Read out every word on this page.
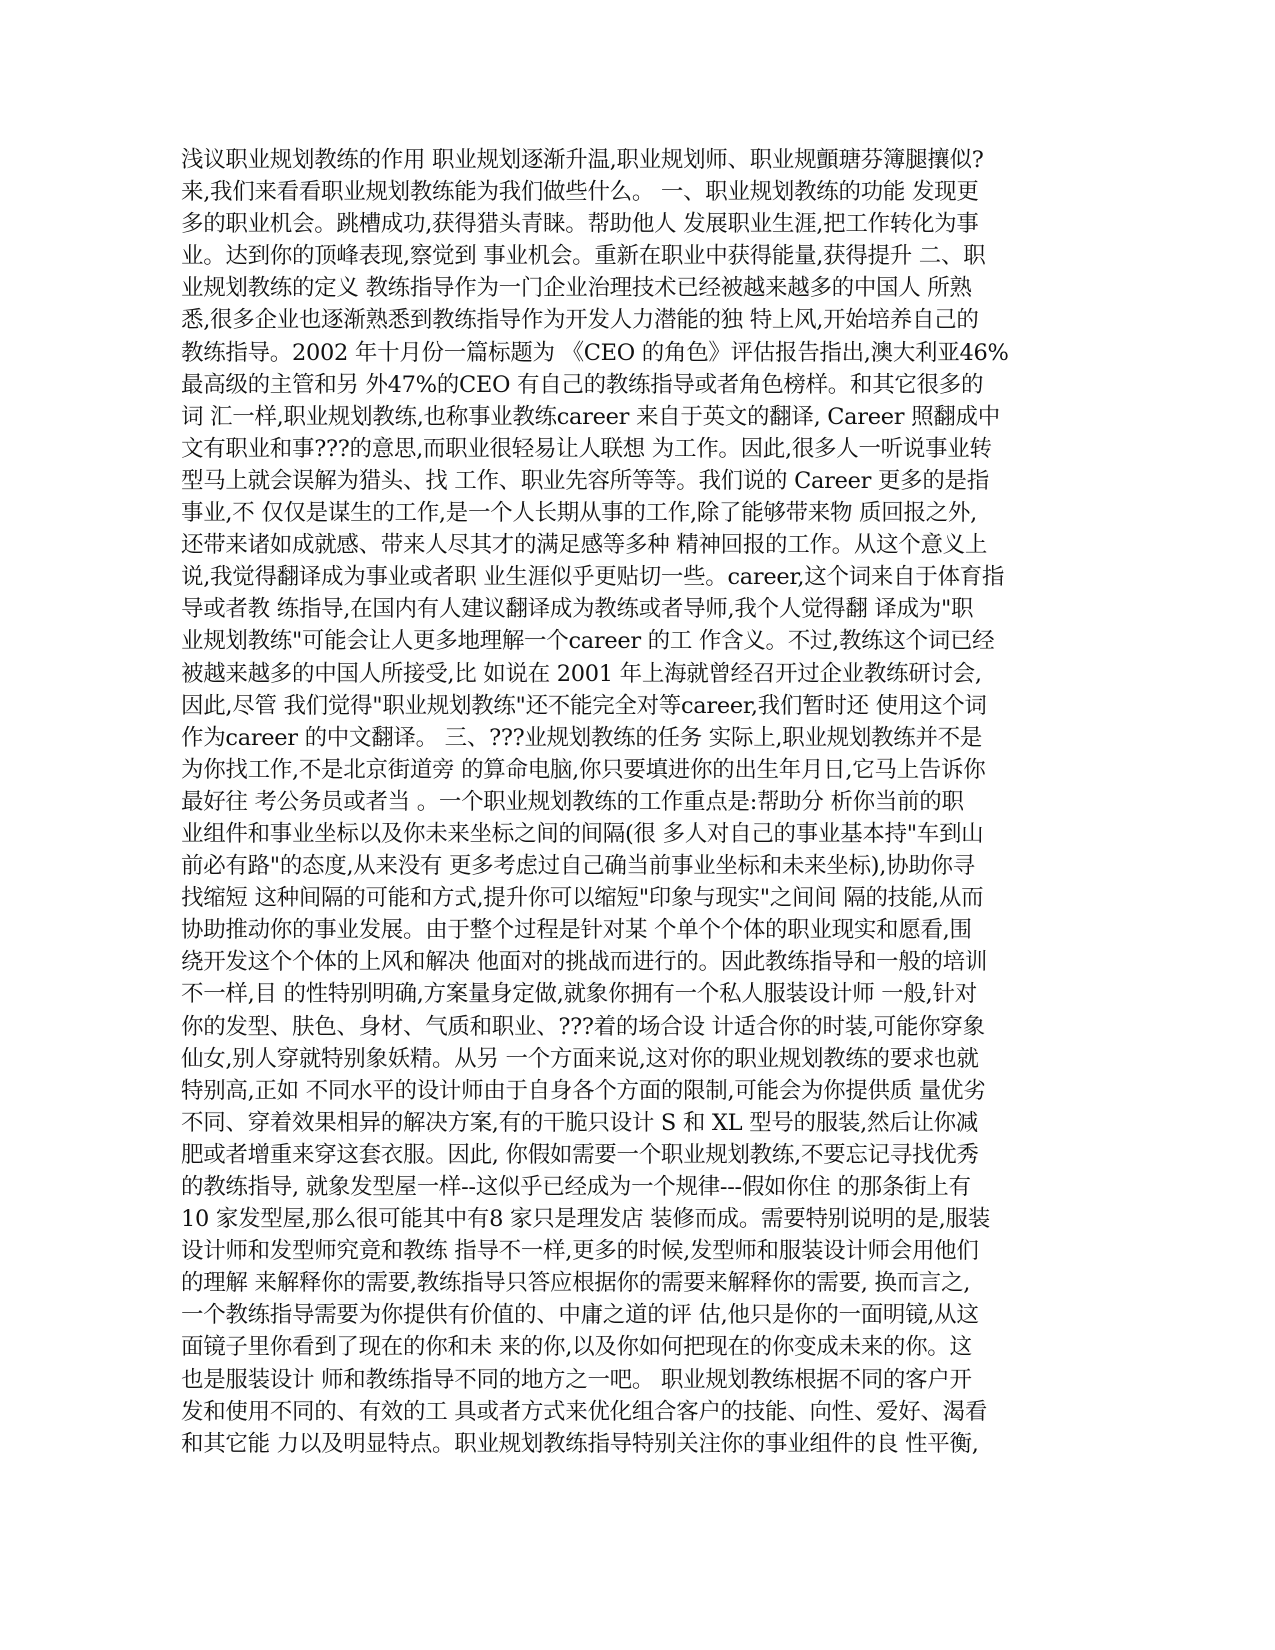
浅议职业规划教练的作用 职业规划逐渐升温,职业规划师、职业规顫瑭芬簿腿攘似?
来,我们来看看职业规划教练能为我们做些什么。 一、职业规划教练的功能 发现更
多的职业机会。跳槽成功,获得猎头青睐。帮助他人 发展职业生涯,把工作转化为事
业。达到你的顶峰表现,察觉到 事业机会。重新在职业中获得能量,获得提升 二、职
业规划教练的定义 教练指导作为一门企业治理技术已经被越来越多的中国人 所熟
悉,很多企业也逐渐熟悉到教练指导作为开发人力潜能的独 特上风,开始培养自己的
教练指导。2002 年十月份一篇标题为 《CEO 的角色》评估报告指出,澳大利亚46%
最高级的主管和另 外47%的CEO 有自己的教练指导或者角色榜样。和其它很多的
词 汇一样,职业规划教练,也称事业教练career 来自于英文的翻译, Career 照翻成中
文有职业和事???的意思,而职业很轻易让人联想 为工作。因此,很多人一听说事业转
型马上就会误解为猎头、找 工作、职业先容所等等。我们说的 Career 更多的是指
事业,不 仅仅是谋生的工作,是一个人长期从事的工作,除了能够带来物 质回报之外,
还带来诸如成就感、带来人尽其才的满足感等多种 精神回报的工作。从这个意义上
说,我觉得翻译成为事业或者职 业生涯似乎更贴切一些。career,这个词来自于体育指
导或者教 练指导,在国内有人建议翻译成为教练或者导师,我个人觉得翻 译成为"职
业规划教练"可能会让人更多地理解一个career 的工 作含义。不过,教练这个词已经
被越来越多的中国人所接受,比 如说在 2001 年上海就曾经召开过企业教练研讨会,
因此,尽管 我们觉得"职业规划教练"还不能完全对等career,我们暂时还 使用这个词
作为career 的中文翻译。 三、???业规划教练的任务 实际上,职业规划教练并不是
为你找工作,不是北京街道旁 的算命电脑,你只要填进你的出生年月日,它马上告诉你
最好往 考公务员或者当 。一个职业规划教练的工作重点是:帮助分 析你当前的职
业组件和事业坐标以及你未来坐标之间的间隔(很 多人对自己的事业基本持"车到山
前必有路"的态度,从来没有 更多考虑过自己确当前事业坐标和未来坐标),协助你寻
找缩短 这种间隔的可能和方式,提升你可以缩短"印象与现实"之间间 隔的技能,从而
协助推动你的事业发展。由于整个过程是针对某 个单个个体的职业现实和愿看,围
绕开发这个个体的上风和解决 他面对的挑战而进行的。因此教练指导和一般的培训
不一样,目 的性特别明确,方案量身定做,就象你拥有一个私人服装设计师 一般,针对
你的发型、肤色、身材、气质和职业、???着的场合设 计适合你的时装,可能你穿象
仙女,别人穿就特别象妖精。从另 一个方面来说,这对你的职业规划教练的要求也就
特别高,正如 不同水平的设计师由于自身各个方面的限制,可能会为你提供质 量优劣
不同、穿着效果相异的解决方案,有的干脆只设计 S 和 XL 型号的服装,然后让你减
肥或者增重来穿这套衣服。因此, 你假如需要一个职业规划教练,不要忘记寻找优秀
的教练指导, 就象发型屋一样--这似乎已经成为一个规律---假如你住 的那条街上有
10 家发型屋,那么很可能其中有8 家只是理发店 装修而成。需要特别说明的是,服装
设计师和发型师究竟和教练 指导不一样,更多的时候,发型师和服装设计师会用他们
的理解 来解释你的需要,教练指导只答应根据你的需要来解释你的需要, 换而言之,
一个教练指导需要为你提供有价值的、中庸之道的评 估,他只是你的一面明镜,从这
面镜子里你看到了现在的你和未 来的你,以及你如何把现在的你变成未来的你。这
也是服装设计 师和教练指导不同的地方之一吧。 职业规划教练根据不同的客户开
发和使用不同的、有效的工 具或者方式来优化组合客户的技能、向性、爱好、渴看
和其它能 力以及明显特点。职业规划教练指导特别关注你的事业组件的良 性平衡,
